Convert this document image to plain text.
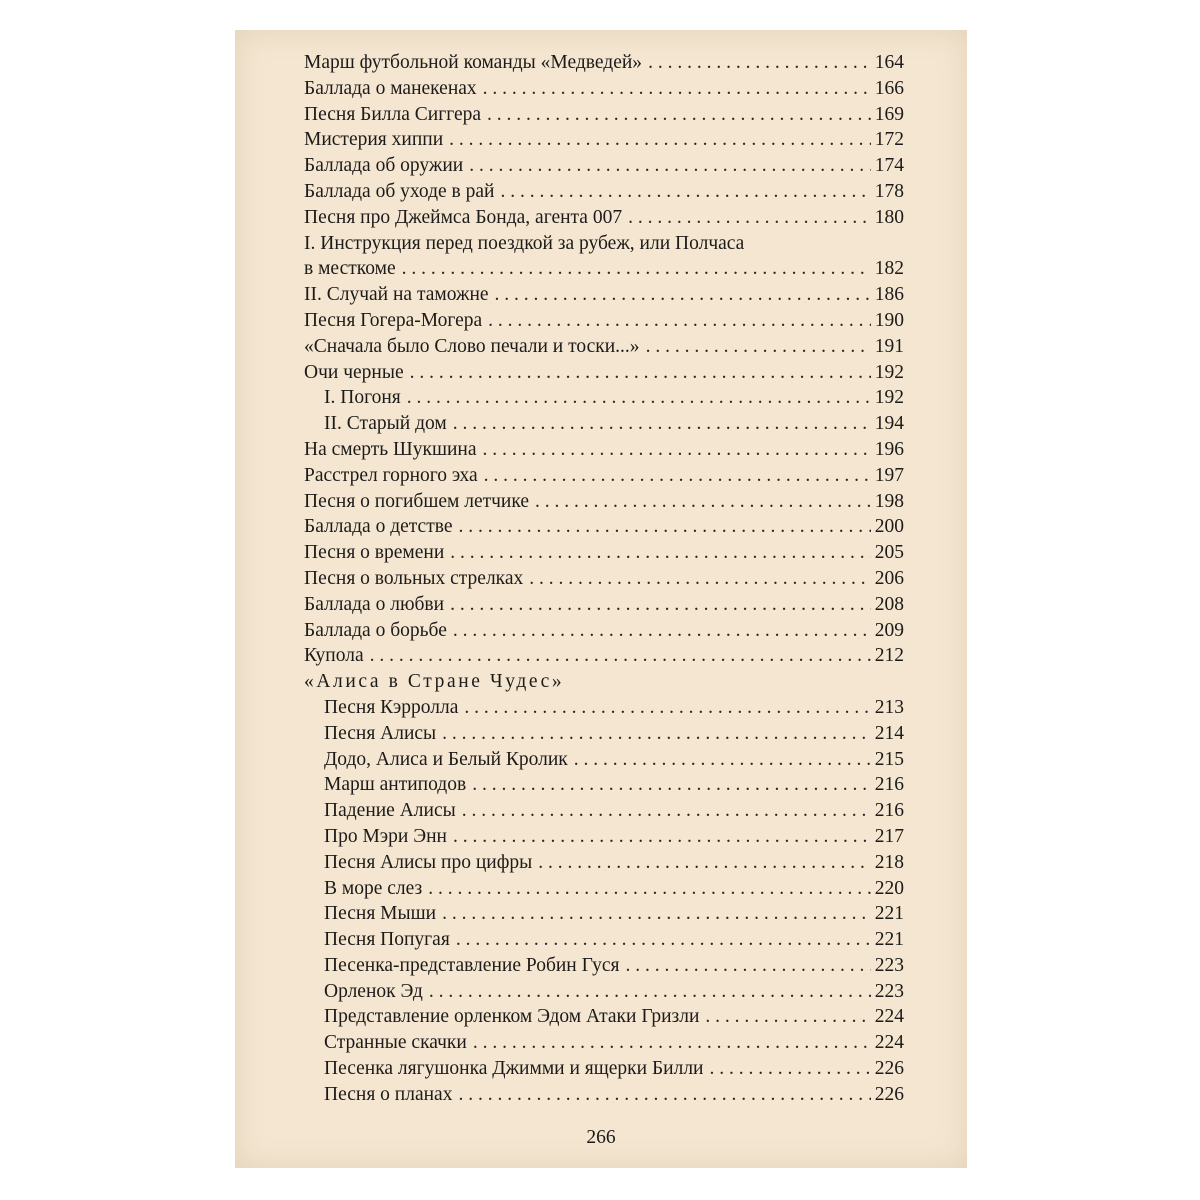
Марш футбольной команды «Медведей» . . .	164
Баллада о манекенах . . .	166
Песня Билла Сиггера . . .	169
Мистерия хиппи . . .	172
Баллада об оружии . . .	174
Баллада об уходе в рай . . .	178
Песня про Джеймса Бонда, агента 007 . . .	180
I. Инструкция перед поездкой за рубеж, или Полчаса
в месткоме . . .	182
II. Случай на таможне . . .	186
Песня Гогера-Могера . . .	190
«Сначала было Слово печали и тоски...» . . .	191
Очи черные . . .	192
I. Погоня . . .	192
II. Старый дом . . .	194
На смерть Шукшина . . .	196
Расстрел горного эха . . .	197
Песня о погибшем летчике . . .	198
Баллада о детстве . . .	200
Песня о времени . . .	205
Песня о вольных стрелках . . .	206
Баллада о любви . . .	208
Баллада о борьбе . . .	209
Купола . . .	212
«Алиса в Стране Чудес»
Песня Кэрролла . . .	213
Песня Алисы . . .	214
Додо, Алиса и Белый Кролик . . .	215
Марш антиподов . . .	216
Падение Алисы . . .	216
Про Мэри Энн . . .	217
Песня Алисы про цифры . . .	218
В море слез . . .	220
Песня Мыши . . .	221
Песня Попугая . . .	221
Песенка-представление Робин Гуся . . .	223
Орленок Эд . . .	223
Представление орленком Эдом Атаки Гризли . . .	224
Странные скачки . . .	224
Песенка лягушонка Джимми и ящерки Билли . . .	226
Песня о планах . . .	226
266
